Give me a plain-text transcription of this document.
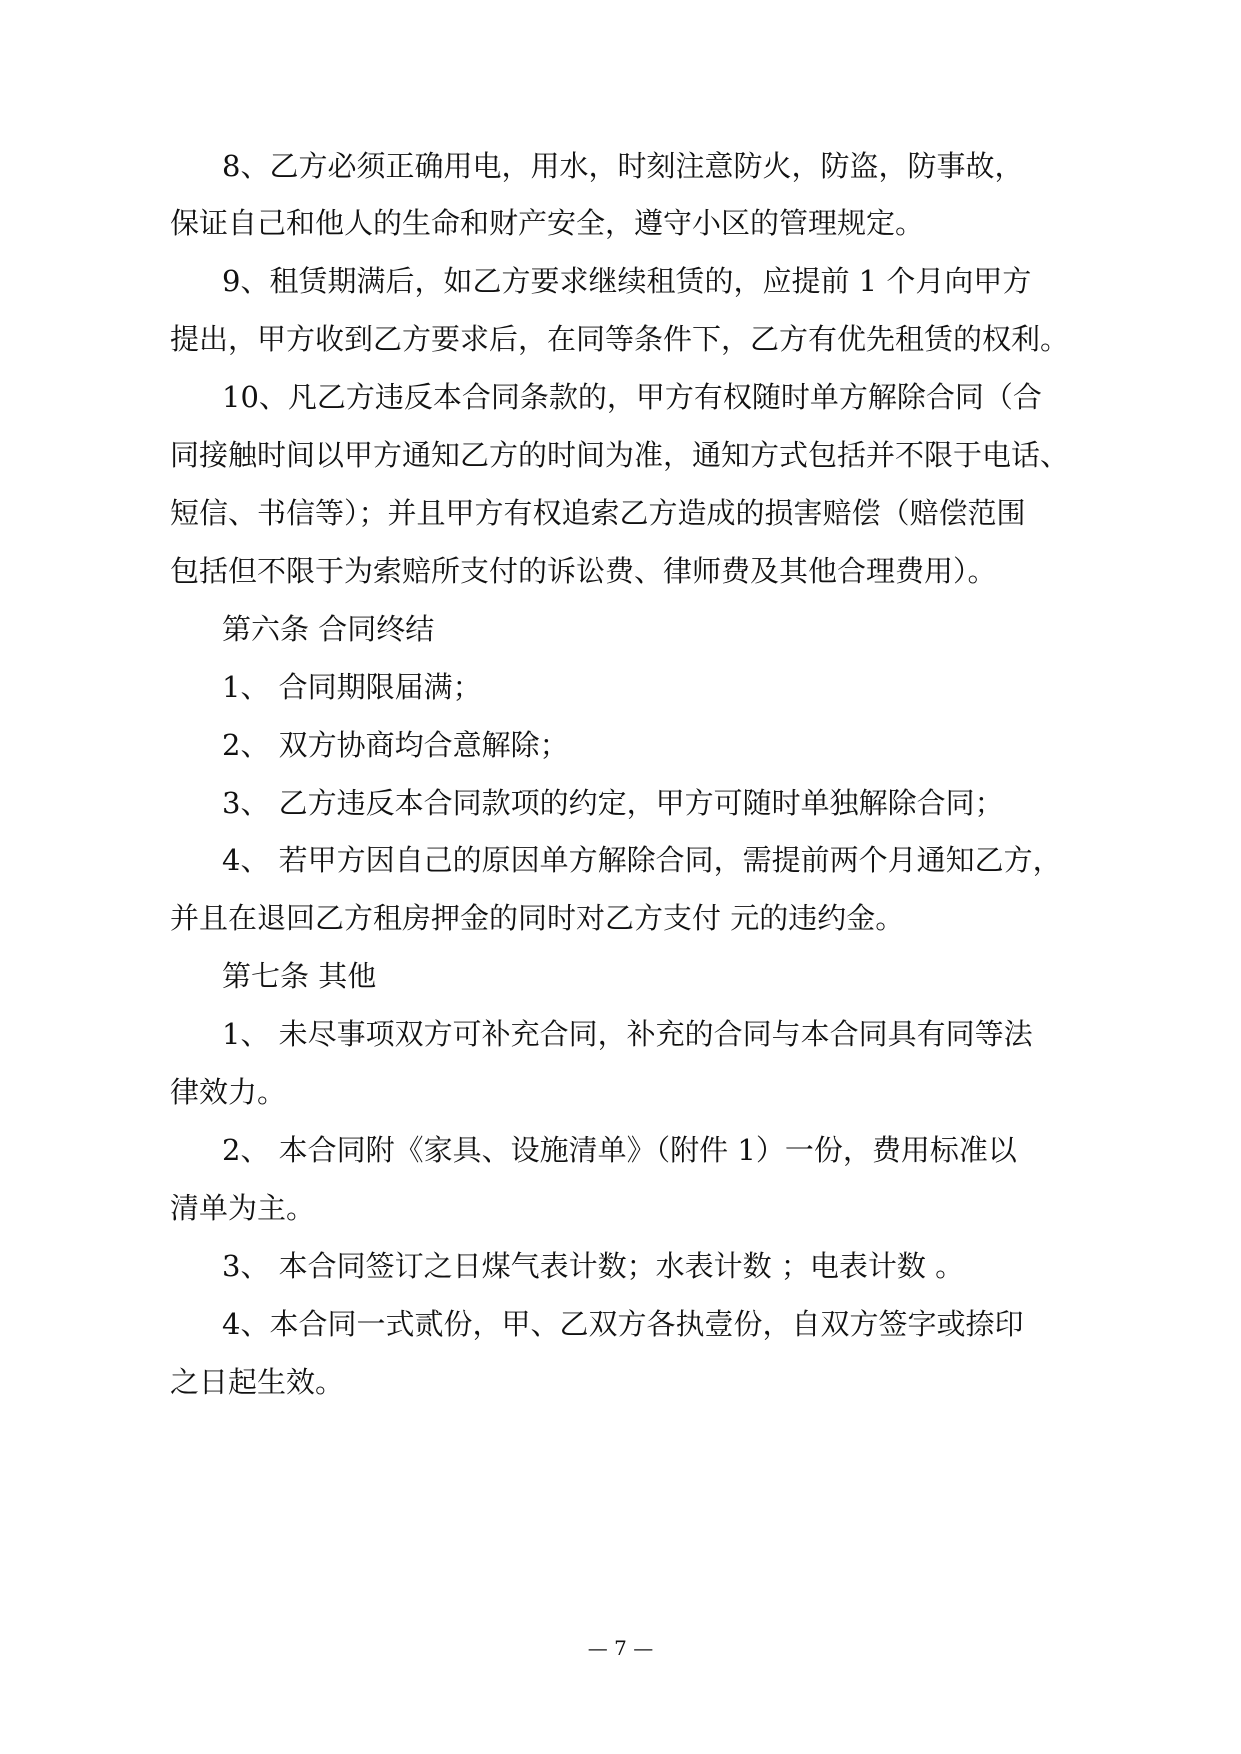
8、乙方必须正确用电，用水，时刻注意防火，防盗，防事故，
保证自己和他人的生命和财产安全，遵守小区的管理规定。
9、租赁期满后，如乙方要求继续租赁的，应提前 1 个月向甲方
提出，甲方收到乙方要求后，在同等条件下，乙方有优先租赁的权利。
10、凡乙方违反本合同条款的，甲方有权随时单方解除合同（合
同接触时间以甲方通知乙方的时间为准，通知方式包括并不限于电话、
短信、书信等）；并且甲方有权追索乙方造成的损害赔偿（赔偿范围
包括但不限于为索赔所支付的诉讼费、律师费及其他合理费用）。
第六条 合同终结
1、 合同期限届满；
2、 双方协商均合意解除；
3、 乙方违反本合同款项的约定，甲方可随时单独解除合同；
4、 若甲方因自己的原因单方解除合同，需提前两个月通知乙方，
并且在退回乙方租房押金的同时对乙方支付 元的违约金。
第七条 其他
1、 未尽事项双方可补充合同，补充的合同与本合同具有同等法
律效力。
2、 本合同附《家具、设施清单》（附件 1）一份，费用标准以
清单为主。
3、 本合同签订之日煤气表计数；水表计数 ；电表计数 。
4、本合同一式贰份，甲、乙双方各执壹份，自双方签字或捺印
之日起生效。
— 7 —
